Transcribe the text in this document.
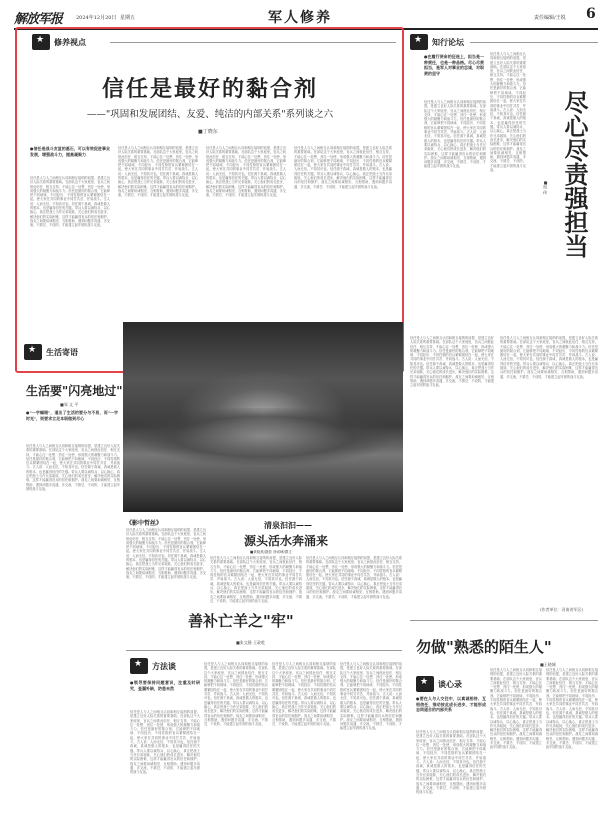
解放军报	2024年12月20日 星期五	军人修养	责任编辑/王锐 6
★
修养视点
信任是最好的黏合剂
——"巩固和发展团结、友爱、纯洁的内部关系"系列谈之六
■丁晓东
●信任是战斗友谊的基石，可以有效促进事业发展，增强战斗力，提高凝聚力
信任是人与人之间相互认同和相互接纳的前提，是建立良好人际关系的重要基础。在部队这个大家庭里，官兵之间彼此信任、相互支持，才能心往一处想、劲往一处使，形成强大的凝聚力和战斗力。信任是最好的黏合剂，它能够把不同地域、不同经历、不同性格的官兵紧紧团结在一起，使大家在共同的事业中同甘共苦、并肩战斗。古人说：人而无信，不知其可也。信任源于真诚，真诚是做人的根本，也是赢得信任的关键。带兵人要以诚待兵、以心换心，真正把战士当作兄弟姐妹，关心他们的成长进步，解决他们的实际困难，这样才能赢得官兵的信任和拥护。战友之间要坦诚相见、互相帮助，遇到问题多沟通、多交流，不猜忌、不设防，才能建立起牢固的战斗友谊。
信任是人与人之间相互认同和相互接纳的前提，是建立良好人际关系的重要基础。在部队这个大家庭里，官兵之间彼此信任、相互支持，才能心往一处想、劲往一处使，形成强大的凝聚力和战斗力。信任是最好的黏合剂，它能够把不同地域、不同经历、不同性格的官兵紧紧团结在一起，使大家在共同的事业中同甘共苦、并肩战斗。古人说：人而无信，不知其可也。信任源于真诚，真诚是做人的根本，也是赢得信任的关键。带兵人要以诚待兵、以心换心，真正把战士当作兄弟姐妹，关心他们的成长进步，解决他们的实际困难，这样才能赢得官兵的信任和拥护。战友之间要坦诚相见、互相帮助，遇到问题多沟通、多交流，不猜忌、不设防，才能建立起牢固的战斗友谊。
信任是人与人之间相互认同和相互接纳的前提，是建立良好人际关系的重要基础。在部队这个大家庭里，官兵之间彼此信任、相互支持，才能心往一处想、劲往一处使，形成强大的凝聚力和战斗力。信任是最好的黏合剂，它能够把不同地域、不同经历、不同性格的官兵紧紧团结在一起，使大家在共同的事业中同甘共苦、并肩战斗。古人说：人而无信，不知其可也。信任源于真诚，真诚是做人的根本，也是赢得信任的关键。带兵人要以诚待兵、以心换心，真正把战士当作兄弟姐妹，关心他们的成长进步，解决他们的实际困难，这样才能赢得官兵的信任和拥护。战友之间要坦诚相见、互相帮助，遇到问题多沟通、多交流，不猜忌、不设防，才能建立起牢固的战斗友谊。
信任是人与人之间相互认同和相互接纳的前提，是建立良好人际关系的重要基础。在部队这个大家庭里，官兵之间彼此信任、相互支持，才能心往一处想、劲往一处使，形成强大的凝聚力和战斗力。信任是最好的黏合剂，它能够把不同地域、不同经历、不同性格的官兵紧紧团结在一起，使大家在共同的事业中同甘共苦、并肩战斗。古人说：人而无信，不知其可也。信任源于真诚，真诚是做人的根本，也是赢得信任的关键。带兵人要以诚待兵、以心换心，真正把战士当作兄弟姐妹，关心他们的成长进步，解决他们的实际困难，这样才能赢得官兵的信任和拥护。战友之间要坦诚相见、互相帮助，遇到问题多沟通、多交流，不猜忌、不设防，才能建立起牢固的战斗友谊。
★
知行论坛
●在履行使命的征途上，担当是一种责任，也是一种品格。尽心尽责担当，是军人对事业的忠诚，对职责的坚守
信任是人与人之间相互认同和相互接纳的前提，是建立良好人际关系的重要基础。在部队这个大家庭里，官兵之间彼此信任、相互支持，才能心往一处想、劲往一处使，形成强大的凝聚力和战斗力。信任是最好的黏合剂，它能够把不同地域、不同经历、不同性格的官兵紧紧团结在一起，使大家在共同的事业中同甘共苦、并肩战斗。古人说：人而无信，不知其可也。信任源于真诚，真诚是做人的根本，也是赢得信任的关键。带兵人要以诚待兵、以心换心，真正把战士当作兄弟姐妹，关心他们的成长进步，解决他们的实际困难，这样才能赢得官兵的信任和拥护。战友之间要坦诚相见、互相帮助，遇到问题多沟通、多交流，不猜忌、不设防，才能建立起牢固的战斗友谊。
信任是人与人之间相互认同和相互接纳的前提，是建立良好人际关系的重要基础。在部队这个大家庭里，官兵之间彼此信任、相互支持，才能心往一处想、劲往一处使，形成强大的凝聚力和战斗力。信任是最好的黏合剂，它能够把不同地域、不同经历、不同性格的官兵紧紧团结在一起，使大家在共同的事业中同甘共苦、并肩战斗。古人说：人而无信，不知其可也。信任源于真诚，真诚是做人的根本，也是赢得信任的关键。带兵人要以诚待兵、以心换心，真正把战士当作兄弟姐妹，关心他们的成长进步，解决他们的实际困难，这样才能赢得官兵的信任和拥护。战友之间要坦诚相见、互相帮助，遇到问题多沟通、多交流，不猜忌、不设防，才能建立起牢固的战斗友谊。	尽心尽责强担当
■周 伟
信任是人与人之间相互认同和相互接纳的前提，是建立良好人际关系的重要基础。在部队这个大家庭里，官兵之间彼此信任、相互支持，才能心往一处想、劲往一处使，形成强大的凝聚力和战斗力。信任是最好的黏合剂，它能够把不同地域、不同经历、不同性格的官兵紧紧团结在一起，使大家在共同的事业中同甘共苦、并肩战斗。古人说：人而无信，不知其可也。信任源于真诚，真诚是做人的根本，也是赢得信任的关键。带兵人要以诚待兵、以心换心，真正把战士当作兄弟姐妹，关心他们的成长进步，解决他们的实际困难，这样才能赢得官兵的信任和拥护。战友之间要坦诚相见、互相帮助，遇到问题多沟通、多交流，不猜忌、不设防，才能建立起牢固的战斗友谊。
信任是人与人之间相互认同和相互接纳的前提，是建立良好人际关系的重要基础。在部队这个大家庭里，官兵之间彼此信任、相互支持，才能心往一处想、劲往一处使，形成强大的凝聚力和战斗力。信任是最好的黏合剂，它能够把不同地域、不同经历、不同性格的官兵紧紧团结在一起，使大家在共同的事业中同甘共苦、并肩战斗。古人说：人而无信，不知其可也。信任源于真诚，真诚是做人的根本，也是赢得信任的关键。带兵人要以诚待兵、以心换心，真正把战士当作兄弟姐妹，关心他们的成长进步，解决他们的实际困难，这样才能赢得官兵的信任和拥护。战友之间要坦诚相见、互相帮助，遇到问题多沟通、多交流，不猜忌、不设防，才能建立起牢固的战斗友谊。
(作者单位：河南省军区)
★
生活寄语
生活要"闪亮地过"
■邹 文 平
●"一字幅眼"，道出了生活的要分与不易，而"一字时光"，则要求立足本职做到尽心
信任是人与人之间相互认同和相互接纳的前提，是建立良好人际关系的重要基础。在部队这个大家庭里，官兵之间彼此信任、相互支持，才能心往一处想、劲往一处使，形成强大的凝聚力和战斗力。信任是最好的黏合剂，它能够把不同地域、不同经历、不同性格的官兵紧紧团结在一起，使大家在共同的事业中同甘共苦、并肩战斗。古人说：人而无信，不知其可也。信任源于真诚，真诚是做人的根本，也是赢得信任的关键。带兵人要以诚待兵、以心换心，真正把战士当作兄弟姐妹，关心他们的成长进步，解决他们的实际困难，这样才能赢得官兵的信任和拥护。战友之间要坦诚相见、互相帮助，遇到问题多沟通、多交流，不猜忌、不设防，才能建立起牢固的战斗友谊。
《影中哲丝》
信任是人与人之间相互认同和相互接纳的前提，是建立良好人际关系的重要基础。在部队这个大家庭里，官兵之间彼此信任、相互支持，才能心往一处想、劲往一处使，形成强大的凝聚力和战斗力。信任是最好的黏合剂，它能够把不同地域、不同经历、不同性格的官兵紧紧团结在一起，使大家在共同的事业中同甘共苦、并肩战斗。古人说：人而无信，不知其可也。信任源于真诚，真诚是做人的根本，也是赢得信任的关键。带兵人要以诚待兵、以心换心，真正把战士当作兄弟姐妹，关心他们的成长进步，解决他们的实际困难，这样才能赢得官兵的信任和拥护。战友之间要坦诚相见、互相帮助，遇到问题多沟通、多交流，不猜忌、不设防，才能建立起牢固的战斗友谊。
清泉汩汩——
源头活水奔涌来
■黄晓燕/摄影 徐寅峰/撰文
信任是人与人之间相互认同和相互接纳的前提，是建立良好人际关系的重要基础。在部队这个大家庭里，官兵之间彼此信任、相互支持，才能心往一处想、劲往一处使，形成强大的凝聚力和战斗力。信任是最好的黏合剂，它能够把不同地域、不同经历、不同性格的官兵紧紧团结在一起，使大家在共同的事业中同甘共苦、并肩战斗。古人说：人而无信，不知其可也。信任源于真诚，真诚是做人的根本，也是赢得信任的关键。带兵人要以诚待兵、以心换心，真正把战士当作兄弟姐妹，关心他们的成长进步，解决他们的实际困难，这样才能赢得官兵的信任和拥护。战友之间要坦诚相见、互相帮助，遇到问题多沟通、多交流，不猜忌、不设防，才能建立起牢固的战斗友谊。
信任是人与人之间相互认同和相互接纳的前提，是建立良好人际关系的重要基础。在部队这个大家庭里，官兵之间彼此信任、相互支持，才能心往一处想、劲往一处使，形成强大的凝聚力和战斗力。信任是最好的黏合剂，它能够把不同地域、不同经历、不同性格的官兵紧紧团结在一起，使大家在共同的事业中同甘共苦、并肩战斗。古人说：人而无信，不知其可也。信任源于真诚，真诚是做人的根本，也是赢得信任的关键。带兵人要以诚待兵、以心换心，真正把战士当作兄弟姐妹，关心他们的成长进步，解决他们的实际困难，这样才能赢得官兵的信任和拥护。战友之间要坦诚相见、互相帮助，遇到问题多沟通、多交流，不猜忌、不设防，才能建立起牢固的战斗友谊。
善补亡羊之"牢"
■张文静 王政乾
★
方法谈
●领导要保持问题意识，注重及时研究，查漏补缺，防患未然
信任是人与人之间相互认同和相互接纳的前提，是建立良好人际关系的重要基础。在部队这个大家庭里，官兵之间彼此信任、相互支持，才能心往一处想、劲往一处使，形成强大的凝聚力和战斗力。信任是最好的黏合剂，它能够把不同地域、不同经历、不同性格的官兵紧紧团结在一起，使大家在共同的事业中同甘共苦、并肩战斗。古人说：人而无信，不知其可也。信任源于真诚，真诚是做人的根本，也是赢得信任的关键。带兵人要以诚待兵、以心换心，真正把战士当作兄弟姐妹，关心他们的成长进步，解决他们的实际困难，这样才能赢得官兵的信任和拥护。战友之间要坦诚相见、互相帮助，遇到问题多沟通、多交流，不猜忌、不设防，才能建立起牢固的战斗友谊。
信任是人与人之间相互认同和相互接纳的前提，是建立良好人际关系的重要基础。在部队这个大家庭里，官兵之间彼此信任、相互支持，才能心往一处想、劲往一处使，形成强大的凝聚力和战斗力。信任是最好的黏合剂，它能够把不同地域、不同经历、不同性格的官兵紧紧团结在一起，使大家在共同的事业中同甘共苦、并肩战斗。古人说：人而无信，不知其可也。信任源于真诚，真诚是做人的根本，也是赢得信任的关键。带兵人要以诚待兵、以心换心，真正把战士当作兄弟姐妹，关心他们的成长进步，解决他们的实际困难，这样才能赢得官兵的信任和拥护。战友之间要坦诚相见、互相帮助，遇到问题多沟通、多交流，不猜忌、不设防，才能建立起牢固的战斗友谊。
信任是人与人之间相互认同和相互接纳的前提，是建立良好人际关系的重要基础。在部队这个大家庭里，官兵之间彼此信任、相互支持，才能心往一处想、劲往一处使，形成强大的凝聚力和战斗力。信任是最好的黏合剂，它能够把不同地域、不同经历、不同性格的官兵紧紧团结在一起，使大家在共同的事业中同甘共苦、并肩战斗。古人说：人而无信，不知其可也。信任源于真诚，真诚是做人的根本，也是赢得信任的关键。带兵人要以诚待兵、以心换心，真正把战士当作兄弟姐妹，关心他们的成长进步，解决他们的实际困难，这样才能赢得官兵的信任和拥护。战友之间要坦诚相见、互相帮助，遇到问题多沟通、多交流，不猜忌、不设防，才能建立起牢固的战斗友谊。
信任是人与人之间相互认同和相互接纳的前提，是建立良好人际关系的重要基础。在部队这个大家庭里，官兵之间彼此信任、相互支持，才能心往一处想、劲往一处使，形成强大的凝聚力和战斗力。信任是最好的黏合剂，它能够把不同地域、不同经历、不同性格的官兵紧紧团结在一起，使大家在共同的事业中同甘共苦、并肩战斗。古人说：人而无信，不知其可也。信任源于真诚，真诚是做人的根本，也是赢得信任的关键。带兵人要以诚待兵、以心换心，真正把战士当作兄弟姐妹，关心他们的成长进步，解决他们的实际困难，这样才能赢得官兵的信任和拥护。战友之间要坦诚相见、互相帮助，遇到问题多沟通、多交流，不猜忌、不设防，才能建立起牢固的战斗友谊。
勿做"熟悉的陌生人"
■王晓城
★
谈心录
●要在人与人交往中，以真诚相待、互相信任，推动彼此成长进步，才能形成志同道合的内部关系
信任是人与人之间相互认同和相互接纳的前提，是建立良好人际关系的重要基础。在部队这个大家庭里，官兵之间彼此信任、相互支持，才能心往一处想、劲往一处使，形成强大的凝聚力和战斗力。信任是最好的黏合剂，它能够把不同地域、不同经历、不同性格的官兵紧紧团结在一起，使大家在共同的事业中同甘共苦、并肩战斗。古人说：人而无信，不知其可也。信任源于真诚，真诚是做人的根本，也是赢得信任的关键。带兵人要以诚待兵、以心换心，真正把战士当作兄弟姐妹，关心他们的成长进步，解决他们的实际困难，这样才能赢得官兵的信任和拥护。战友之间要坦诚相见、互相帮助，遇到问题多沟通、多交流，不猜忌、不设防，才能建立起牢固的战斗友谊。
信任是人与人之间相互认同和相互接纳的前提，是建立良好人际关系的重要基础。在部队这个大家庭里，官兵之间彼此信任、相互支持，才能心往一处想、劲往一处使，形成强大的凝聚力和战斗力。信任是最好的黏合剂，它能够把不同地域、不同经历、不同性格的官兵紧紧团结在一起，使大家在共同的事业中同甘共苦、并肩战斗。古人说：人而无信，不知其可也。信任源于真诚，真诚是做人的根本，也是赢得信任的关键。带兵人要以诚待兵、以心换心，真正把战士当作兄弟姐妹，关心他们的成长进步，解决他们的实际困难，这样才能赢得官兵的信任和拥护。战友之间要坦诚相见、互相帮助，遇到问题多沟通、多交流，不猜忌、不设防，才能建立起牢固的战斗友谊。
信任是人与人之间相互认同和相互接纳的前提，是建立良好人际关系的重要基础。在部队这个大家庭里，官兵之间彼此信任、相互支持，才能心往一处想、劲往一处使，形成强大的凝聚力和战斗力。信任是最好的黏合剂，它能够把不同地域、不同经历、不同性格的官兵紧紧团结在一起，使大家在共同的事业中同甘共苦、并肩战斗。古人说：人而无信，不知其可也。信任源于真诚，真诚是做人的根本，也是赢得信任的关键。带兵人要以诚待兵、以心换心，真正把战士当作兄弟姐妹，关心他们的成长进步，解决他们的实际困难，这样才能赢得官兵的信任和拥护。战友之间要坦诚相见、互相帮助，遇到问题多沟通、多交流，不猜忌、不设防，才能建立起牢固的战斗友谊。
